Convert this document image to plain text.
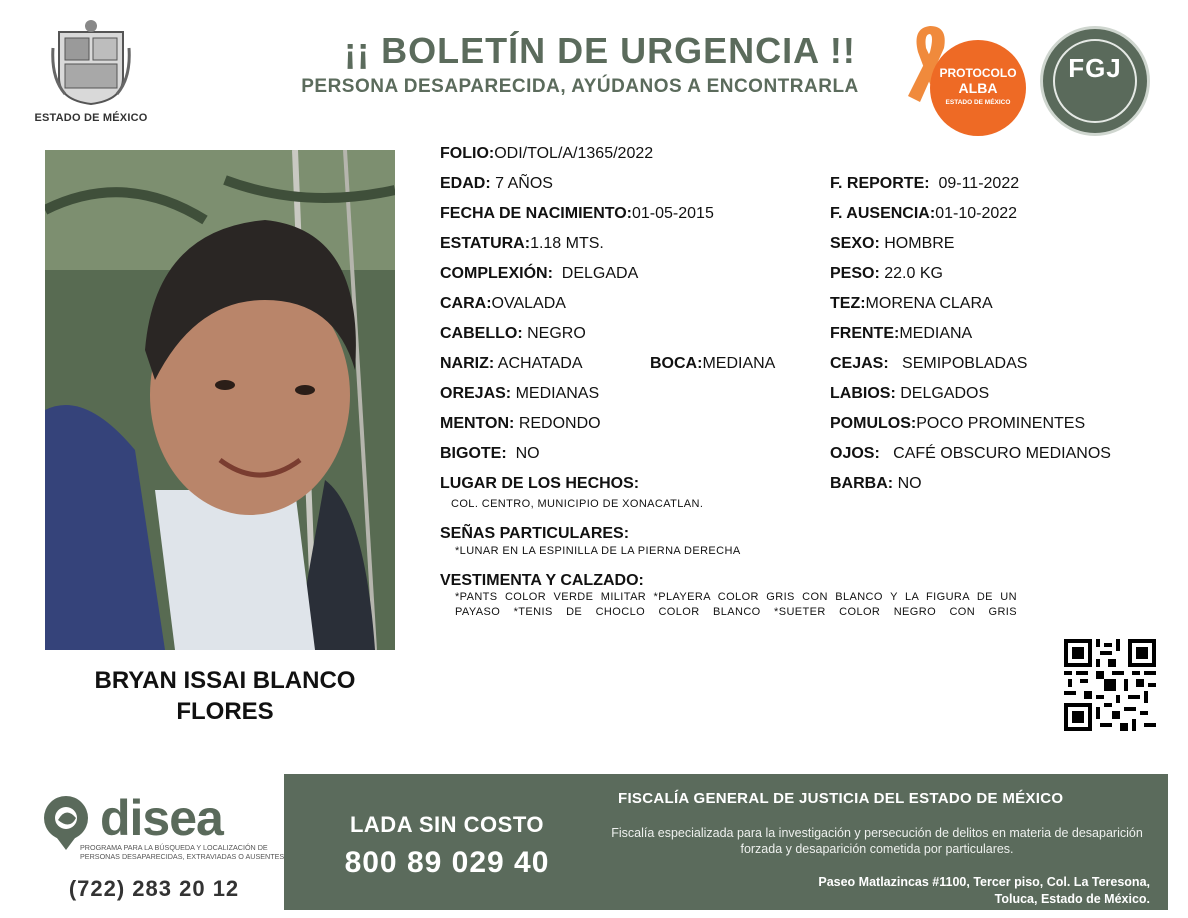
ESTADO DE MÉXICO
¡¡ BOLETÍN DE URGENCIA !!
PERSONA DESAPARECIDA, AYÚDANOS A ENCONTRARLA
PROTOCOLO
ALBA
ESTADO DE MÉXICO
FGJ
BRYAN ISSAI BLANCO FLORES
FOLIO:ODI/TOL/A/1365/2022
EDAD: 7 AÑOS
FECHA DE NACIMIENTO:01-05-2015
ESTATURA:1.18 MTS.
COMPLEXIÓN: DELGADA
CARA:OVALADA
CABELLO: NEGRO
NARIZ: ACHATADA	BOCA:MEDIANA
OREJAS: MEDIANAS
MENTON: REDONDO
BIGOTE: NO
LUGAR DE LOS HECHOS:
COL. CENTRO, MUNICIPIO DE XONACATLAN.
SEÑAS PARTICULARES:
*LUNAR EN LA ESPINILLA DE LA PIERNA DERECHA
VESTIMENTA Y CALZADO:
*PANTS COLOR VERDE MILITAR *PLAYERA COLOR GRIS CON BLANCO Y LA FIGURA DE UN
PAYASO *TENIS DE CHOCLO COLOR BLANCO *SUETER COLOR NEGRO CON GRIS
F. REPORTE: 09-11-2022
F. AUSENCIA:01-10-2022
SEXO: HOMBRE
PESO: 22.0 KG
TEZ:MORENA CLARA
FRENTE:MEDIANA
CEJAS: SEMIPOBLADAS
LABIOS: DELGADOS
POMULOS:POCO PROMINENTES
OJOS: CAFÉ OBSCURO MEDIANOS
BARBA: NO
disea
PROGRAMA PARA LA BÚSQUEDA Y LOCALIZACIÓN DE PERSONAS DESAPARECIDAS, EXTRAVIADAS O AUSENTES
(722) 283 20 12
LADA SIN COSTO
800 89 029 40
FISCALÍA GENERAL DE JUSTICIA DEL ESTADO DE MÉXICO
Fiscalía especializada para la investigación y persecución de delitos en materia de desaparición forzada y desaparición cometida por particulares.
Paseo Matlazincas #1100, Tercer piso, Col. La Teresona,
Toluca, Estado de México.
